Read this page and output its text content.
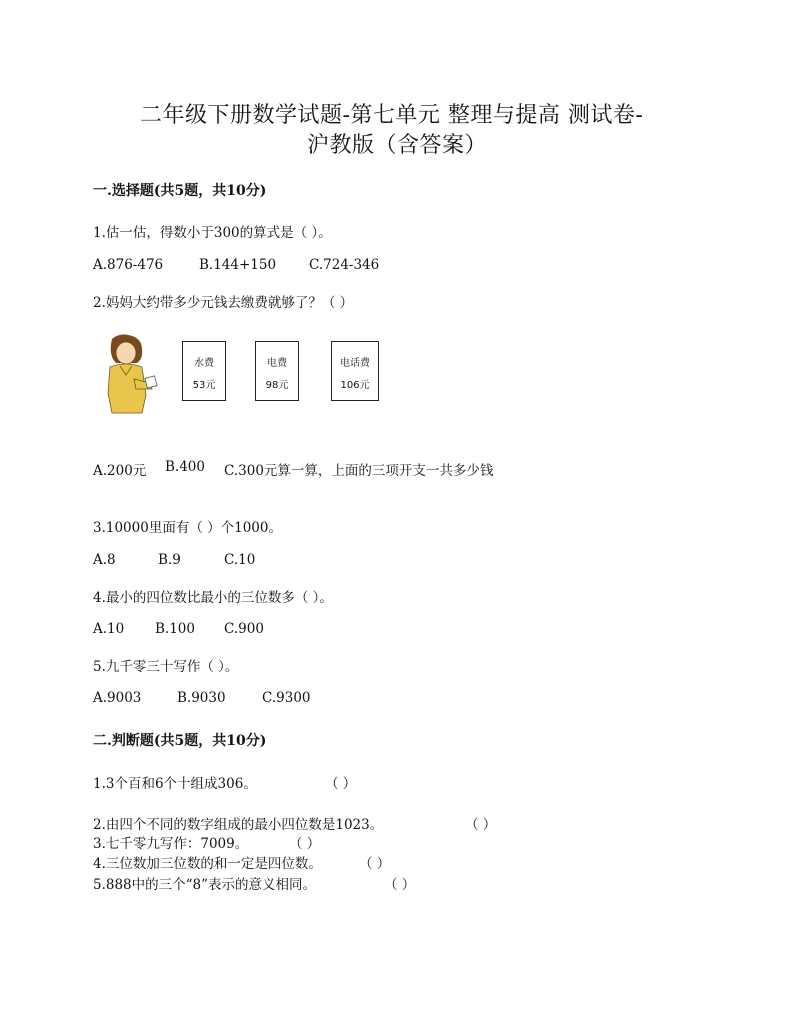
二年级下册数学试题-第七单元 整理与提高 测试卷-
沪教版（含答案）
一.选择题(共5题，共10分)
1.估一估，得数小于300的算式是（ ）。
A.876-476	B.144+150 C.724-346
2.妈妈大约带多少元钱去缴费就够了？（ ）
水费
53元
电费
98元
电话费
106元
A.200元 B.400 C.300元算一算，上面的三项开支一共多少钱
3.10000里面有（ ）个1000。
A.8	B.9	C.10
4.最小的四位数比最小的三位数多（ ）。
A.10 B.100 C.900
5.九千零三十写作（ ）。
A.9003	B.9030	C.9300
二.判断题(共5题，共10分)
1.3个百和6个十组成306。	（ ）
2.由四个不同的数字组成的最小四位数是1023。	（ ）
3.七千零九写作：7009。	（ ）
4.三位数加三位数的和一定是四位数。	（ ）
5.888中的三个“8”表示的意义相同。	（ ）
